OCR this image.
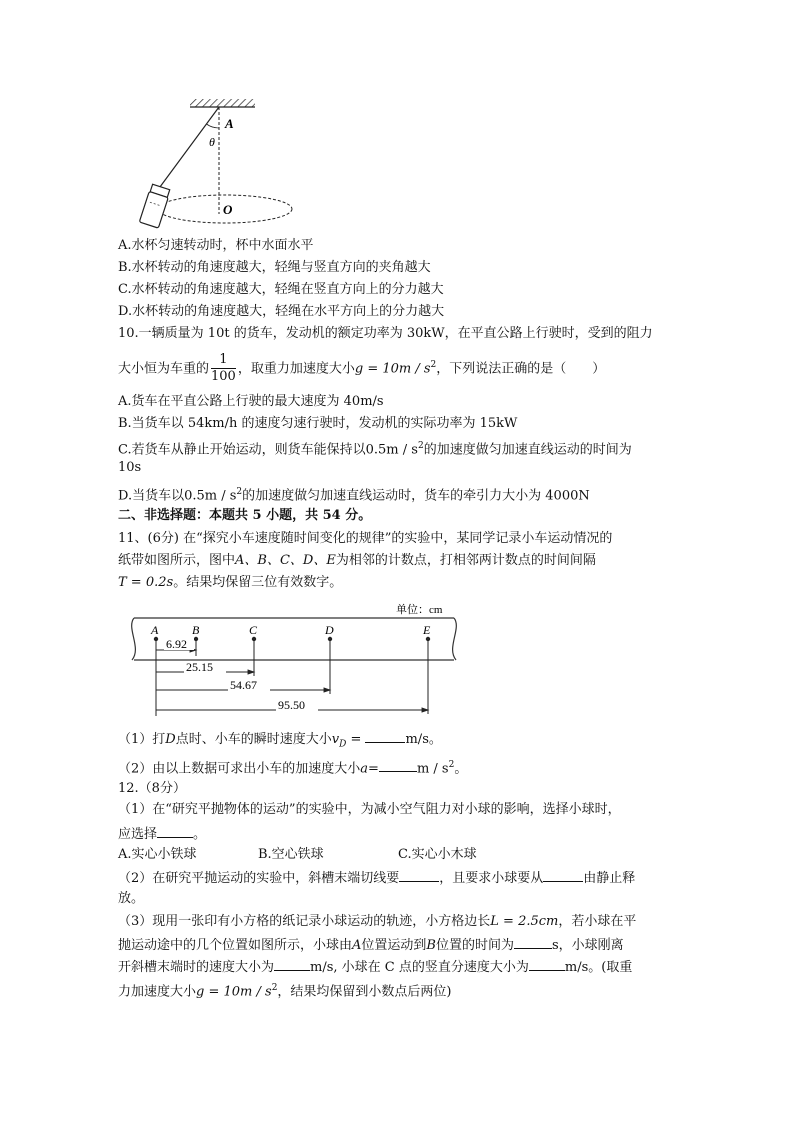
A
θ
O
A.水杯匀速转动时，杯中水面水平
B.水杯转动的角速度越大，轻绳与竖直方向的夹角越大
C.水杯转动的角速度越大，轻绳在竖直方向上的分力越大
D.水杯转动的角速度越大，轻绳在水平方向上的分力越大
10.一辆质量为 10t 的货车，发动机的额定功率为 30kW，在平直公路上行驶时，受到的阻力
大小恒为车重的 $\frac{1}{100}$ ，取重力加速度大小$g = 10m / s^2$，下列说法正确的是（　　）
A.货车在平直公路上行驶的最大速度为 40m/s
B.当货车以 54km/h 的速度匀速行驶时，发动机的实际功率为 15kW
C.若货车从静止开始运动，则货车能保持以$0.5m / s^2$的加速度做匀加速直线运动的时间为
10s
D.当货车以$0.5m / s^2$的加速度做匀加速直线运动时，货车的牵引力大小为 4000N
二、非选择题：本题共 5 小题，共 54 分。
11、(6分) 在“探究小车速度随时间变化的规律”的实验中，某同学记录小车运动情况的
纸带如图所示，图中A、B、C、D、E为相邻的计数点，打相邻两计数点的时间间隔
T = 0.2s。结果均保留三位有效数字。
单位：cm
A	B	C	D	E
6.92
25.15
54.67
95.50
（1）打D点时、小车的瞬时速度大小$v_D$ =	m/s。
（2）由以上数据可求出小车的加速度大小a=	m / $s^2$。
12.（8分）
（1）在“研究平抛物体的运动”的实验中，为减小空气阻力对小球的影响，选择小球时，
应选择	。
A.实心小铁球	B.空心铁球	C.实心小木球
（2）在研究平抛运动的实验中，斜槽末端切线要	，且要求小球要从	由静止释
放。
（3）现用一张印有小方格的纸记录小球运动的轨迹，小方格边长L = 2.5cm，若小球在平
抛运动途中的几个位置如图所示，小球由A位置运动到B位置的时间为	s，小球刚离
开斜槽末端时的速度大小为	m/s, 小球在 C 点的竖直分速度大小为	m/s。(取重
力加速度大小$g = 10m / s^2$，结果均保留到小数点后两位)
